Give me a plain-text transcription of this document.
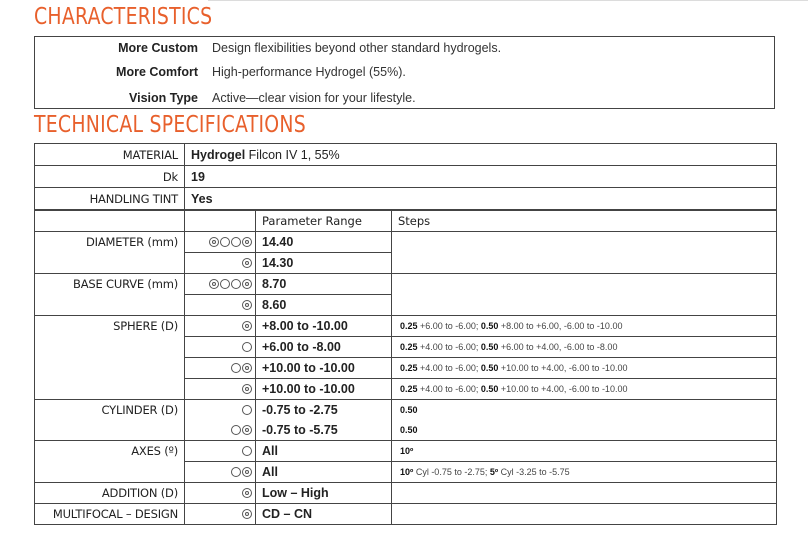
CHARACTERISTICS
More Custom Design flexibilities beyond other standard hydrogels.
More Comfort High-performance Hydrogel (55%).
Vision Type Active—clear vision for your lifestyle.
TECHNICAL SPECIFICATIONS
MATERIAL	Hydrogel Filcon IV 1, 55%		
Dk	19		
HANDLING TINT	Yes		
		Parameter Range	Steps
DIAMETER (mm)		14.40	
		14.30	
BASE CURVE (mm)		8.70	
		8.60	
SPHERE (D)		+8.00 to -10.00	0.25 +6.00 to -6.00; 0.50 +8.00 to +6.00, -6.00 to -10.00
		+6.00 to -8.00	0.25 +4.00 to -6.00; 0.50 +6.00 to +4.00, -6.00 to -8.00
		+10.00 to -10.00	0.25 +4.00 to -6.00; 0.50 +10.00 to +4.00, -6.00 to -10.00
		+10.00 to -10.00	0.25 +4.00 to -6.00; 0.50 +10.00 to +4.00, -6.00 to -10.00
CYLINDER (D)		-0.75 to -2.75	0.50
		-0.75 to -5.75	0.50
AXES (º)		All	10º
		All	10º Cyl -0.75 to -2.75; 5º Cyl -3.25 to -5.75
ADDITION (D)		Low – High	
MULTIFOCAL – DESIGN		CD – CN	
